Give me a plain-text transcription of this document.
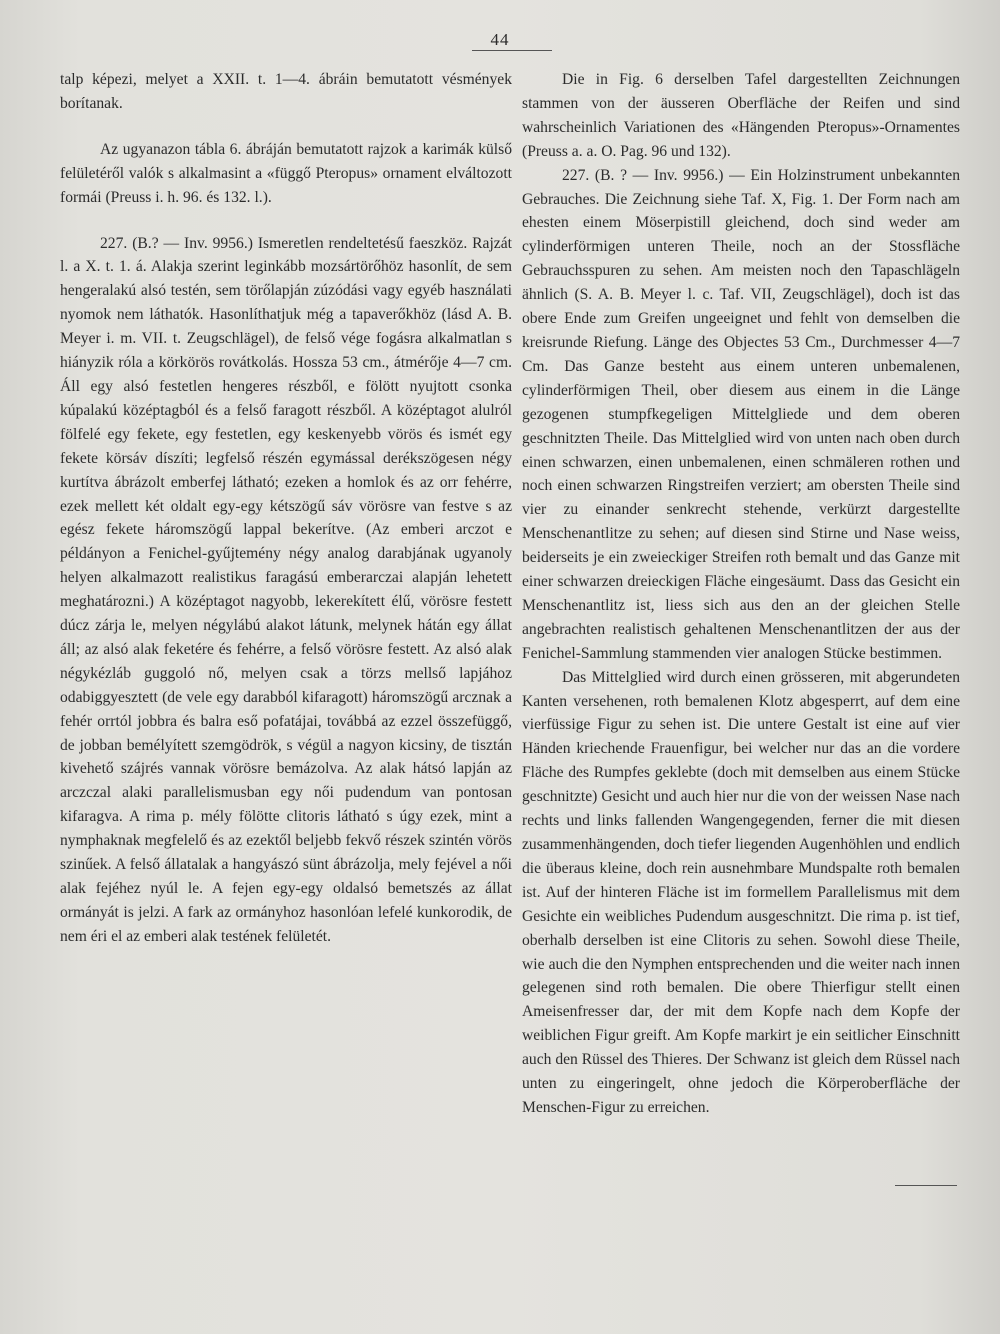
44

talp képezi, melyet a XXII. t. 1—4. ábráin bemutatott vésmények borítanak.

Az ugyanazon tábla 6. ábráján bemutatott rajzok a karimák külső felületéről valók s alkalmasint a «függő Pteropus» ornament elváltozott formái (Preuss i. h. 96. és 132. l.).

227. (B.? — Inv. 9956.) Ismeretlen rendeltetésű faeszköz. Rajzát l. a X. t. 1. á. Alakja szerint leginkább mozsártörőhöz hasonlít, de sem hengeralakú alsó testén, sem törőlapján zúzódási vagy egyéb használati nyomok nem láthatók. Hasonlíthatjuk még a tapaverőkhöz (lásd A. B. Meyer i. m. VII. t. Zeugschlägel), de felső vége fogásra alkalmatlan s hiányzik róla a körkörös rovátkolás. Hossza 53 cm., átmérője 4—7 cm. Áll egy alsó festetlen hengeres részből, e fölött nyujtott csonka kúpalakú középtagból és a felső faragott részből. A középtagot alulról fölfelé egy fekete, egy festetlen, egy keskenyebb vörös és ismét egy fekete körsáv díszíti; legfelső részén egymással derékszögesen négy kurtítva ábrázolt emberfej látható; ezeken a homlok és az orr fehérre, ezek mellett két oldalt egy-egy kétszögű sáv vörösre van festve s az egész fekete háromszögű lappal bekerítve. (Az emberi arczot e példányon a Fenichel-gyűjtemény négy analog darabjának ugyanoly helyen alkalmazott realistikus faragású emberarczai alapján lehetett meghatározni.) A középtagot nagyobb, lekerekített élű, vörösre festett dúcz zárja le, melyen négylábú alakot látunk, melynek hátán egy állat áll; az alsó alak feketére és fehérre, a felső vörösre festett. Az alsó alak négykézláb guggoló nő, melyen csak a törzs mellső lapjához odabiggyesztett (de vele egy darabból kifaragott) háromszögű arcznak a fehér orrtól jobbra és balra eső pofatájai, továbbá az ezzel összefüggő, de jobban bemélyített szemgödrök, s végül a nagyon kicsiny, de tisztán kivehető szájrés vannak vörösre bemázolva. Az alak hátsó lapján az arczczal alaki parallelismusban egy női pudendum van pontosan kifaragva. A rima p. mély fölötte clitoris látható s úgy ezek, mint a nymphaknak megfelelő és az ezektől beljebb fekvő részek szintén vörös szinűek. A felső állatalak a hangyászó sünt ábrázolja, mely fejével a női alak fejéhez nyúl le. A fejen egy-egy oldalsó bemetszés az állat ormányát is jelzi. A fark az ormányhoz hasonlóan lefelé kunkorodik, de nem éri el az emberi alak testének felületét.

Die in Fig. 6 derselben Tafel dargestellten Zeichnungen stammen von der äusseren Oberfläche der Reifen und sind wahrscheinlich Variationen des «Hängenden Pteropus»-Ornamentes (Preuss a. a. O. Pag. 96 und 132).

227. (B. ? — Inv. 9956.) — Ein Holzinstrument unbekannten Gebrauches. Die Zeichnung siehe Taf. X, Fig. 1. Der Form nach am ehesten einem Möserpistill gleichend, doch sind weder am cylinderförmigen unteren Theile, noch an der Stossfläche Gebrauchsspuren zu sehen. Am meisten noch den Tapaschlägeln ähnlich (S. A. B. Meyer l. c. Taf. VII, Zeugschlägel), doch ist das obere Ende zum Greifen ungeeignet und fehlt von demselben die kreisrunde Riefung. Länge des Objectes 53 Cm., Durchmesser 4—7 Cm. Das Ganze besteht aus einem unteren unbemalenen, cylinderförmigen Theil, ober diesem aus einem in die Länge gezogenen stumpfkegeligen Mittelgliede und dem oberen geschnitzten Theile. Das Mittelglied wird von unten nach oben durch einen schwarzen, einen unbemalenen, einen schmäleren rothen und noch einen schwarzen Ringstreifen verziert; am obersten Theile sind vier zu einander senkrecht stehende, verkürzt dargestellte Menschenantlitze zu sehen; auf diesen sind Stirne und Nase weiss, beiderseits je ein zweieckiger Streifen roth bemalt und das Ganze mit einer schwarzen dreieckigen Fläche eingesäumt. Dass das Gesicht ein Menschenantlitz ist, liess sich aus den an der gleichen Stelle angebrachten realistisch gehaltenen Menschenantlitzen der aus der Fenichel-Sammlung stammenden vier analogen Stücke bestimmen.

Das Mittelglied wird durch einen grösseren, mit abgerundeten Kanten versehenen, roth bemalenen Klotz abgesperrt, auf dem eine vierfüssige Figur zu sehen ist. Die untere Gestalt ist eine auf vier Händen kriechende Frauenfigur, bei welcher nur das an die vordere Fläche des Rumpfes geklebte (doch mit demselben aus einem Stücke geschnitzte) Gesicht und auch hier nur die von der weissen Nase nach rechts und links fallenden Wangengegenden, ferner die mit diesen zusammenhängenden, doch tiefer liegenden Augenhöhlen und endlich die überaus kleine, doch rein ausnehmbare Mundspalte roth bemalen ist. Auf der hinteren Fläche ist im formellem Parallelismus mit dem Gesichte ein weibliches Pudendum ausgeschnitzt. Die rima p. ist tief, oberhalb derselben ist eine Clitoris zu sehen. Sowohl diese Theile, wie auch die den Nymphen entsprechenden und die weiter nach innen gelegenen sind roth bemalen. Die obere Thierfigur stellt einen Ameisenfresser dar, der mit dem Kopfe nach dem Kopfe der weiblichen Figur greift. Am Kopfe markirt je ein seitlicher Einschnitt auch den Rüssel des Thieres. Der Schwanz ist gleich dem Rüssel nach unten zu eingeringelt, ohne jedoch die Körperoberfläche der Menschen-Figur zu erreichen.
